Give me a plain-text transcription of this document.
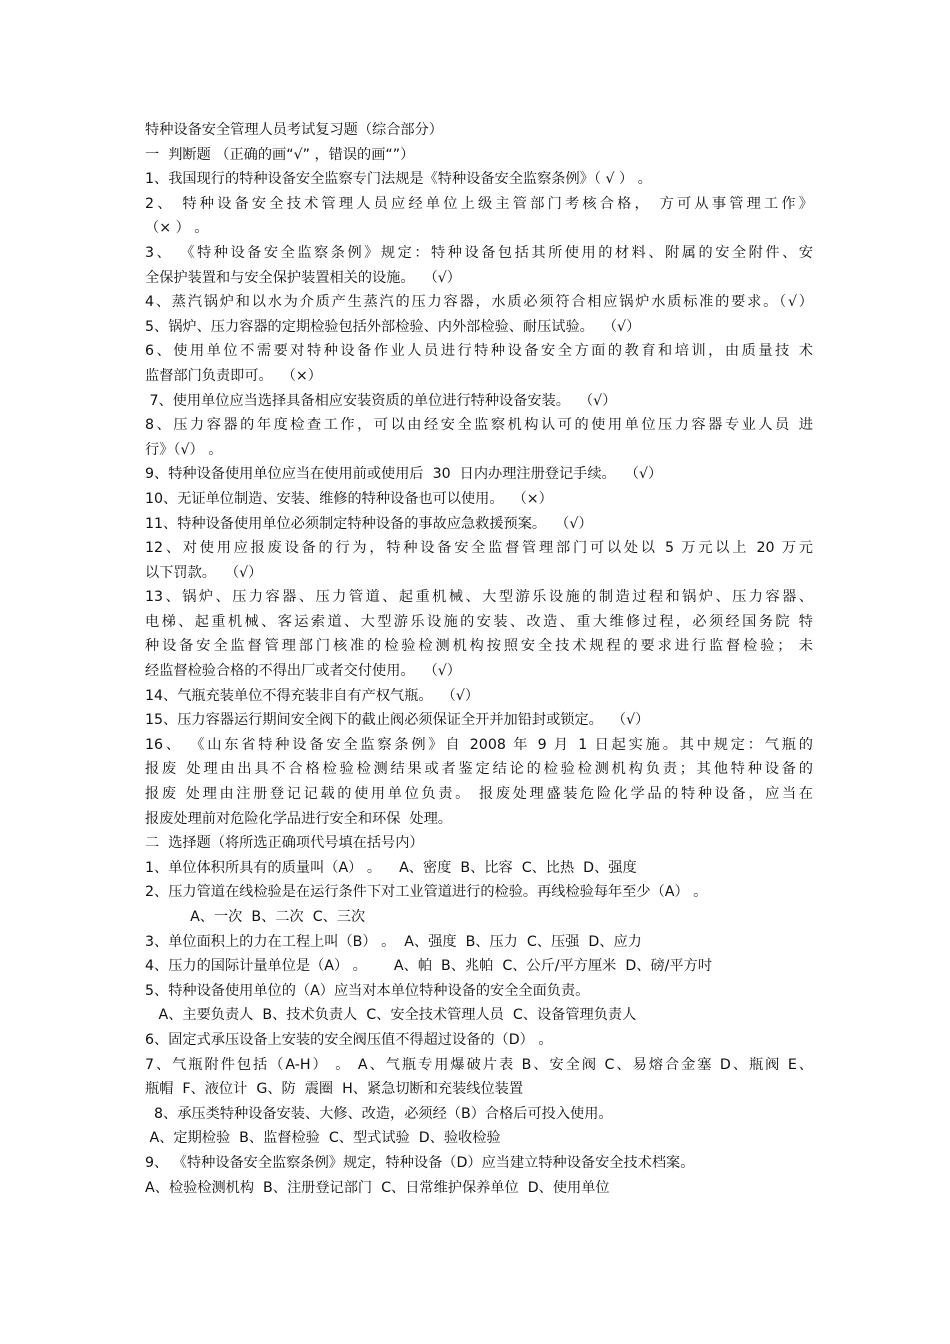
特种设备安全管理人员考试复习题（综合部分）
一  判断题 （正确的画“√” ，错误的画“”）
1、我国现行的特种设备安全监察专门法规是《特种设备安全监察条例》（ √ ） 。
2、 特种设备安全技术管理人员应经单位上级主管部门考核合格， 方可从事管理工作》
（× ） 。
3、 《特种设备安全监察条例》规定：特种设备包括其所使用的材料、附属的安全附件、安
全保护装置和与安全保护装置相关的设施。  （√）
4、蒸汽锅炉和以水为介质产生蒸汽的压力容器，水质必须符合相应锅炉水质标准的要求。（√）
5、锅炉、压力容器的定期检验包括外部检验、内外部检验、耐压试验。  （√）
6、使用单位不需要对特种设备作业人员进行特种设备安全方面的教育和培训，由质量技 术
监督部门负责即可。  （×）
7、使用单位应当选择具备相应安装资质的单位进行特种设备安装。  （√）
8、压力容器的年度检查工作，可以由经安全监察机构认可的使用单位压力容器专业人员 进
行》（√） 。
9、特种设备使用单位应当在使用前或使用后  30  日内办理注册登记手续。  （√）
10、无证单位制造、安装、维修的特种设备也可以使用。  （×）
11、特种设备使用单位必须制定特种设备的事故应急救援预案。  （√）
12、对使用应报废设备的行为，特种设备安全监督管理部门可以处以 5 万元以上 20 万元
以下罚款。  （√）
13、锅炉、压力容器、压力管道、起重机械、大型游乐设施的制造过程和锅炉、压力容器、
电梯、起重机械、客运索道、大型游乐设施的安装、改造、重大维修过程，必须经国务院 特
种设备安全监督管理部门核准的检验检测机构按照安全技术规程的要求进行监督检验； 未
经监督检验合格的不得出厂或者交付使用。  （√）
14、气瓶充装单位不得充装非自有产权气瓶。  （√）
15、压力容器运行期间安全阀下的截止阀必须保证全开并加铅封或锁定。  （√）
16、 《山东省特种设备安全监察条例》自 2008 年 9 月 1 日起实施。其中规定：气瓶的
报废 处理由出具不合格检验检测结果或者鉴定结论的检验检测机构负责；其他特种设备的
报废 处理由注册登记记载的使用单位负责。 报废处理盛装危险化学品的特种设备，应当在
报废处理前对危险化学品进行安全和环保  处理。
二  选择题（将所选正确项代号填在括号内）
1、单位体积所具有的质量叫（A） 。    A、密度  B、比容  C、比热  D、强度
2、压力管道在线检验是在运行条件下对工业管道进行的检验。再线检验每年至少（A） 。
A、一次  B、二次  C、三次
3、单位面积上的力在工程上叫（B） 。  A、强度  B、压力  C、压强  D、应力
4、压力的国际计量单位是（A） 。      A、帕  B、兆帕  C、公斤/平方厘米  D、磅/平方吋
5、特种设备使用单位的（A）应当对本单位特种设备的安全全面负责。
A、主要负责人  B、技术负责人  C、安全技术管理人员  C、设备管理负责人
6、固定式承压设备上安装的安全阀压值不得超过设备的（D） 。
7、气瓶附件包括（A-H） 。 A、气瓶专用爆破片表 B、安全阀 C、易熔合金塞 D、瓶阀 E、
瓶帽  F、液位计  G、防  震圈  H、紧急切断和充装线位装置
8、承压类特种设备安装、大修、改造，必须经（B）合格后可投入使用。
A、定期检验  B、监督检验  C、型式试验  D、验收检验
9、 《特种设备安全监察条例》规定，特种设备（D）应当建立特种设备安全技术档案。
A、检验检测机构  B、注册登记部门  C、日常维护保养单位  D、使用单位
